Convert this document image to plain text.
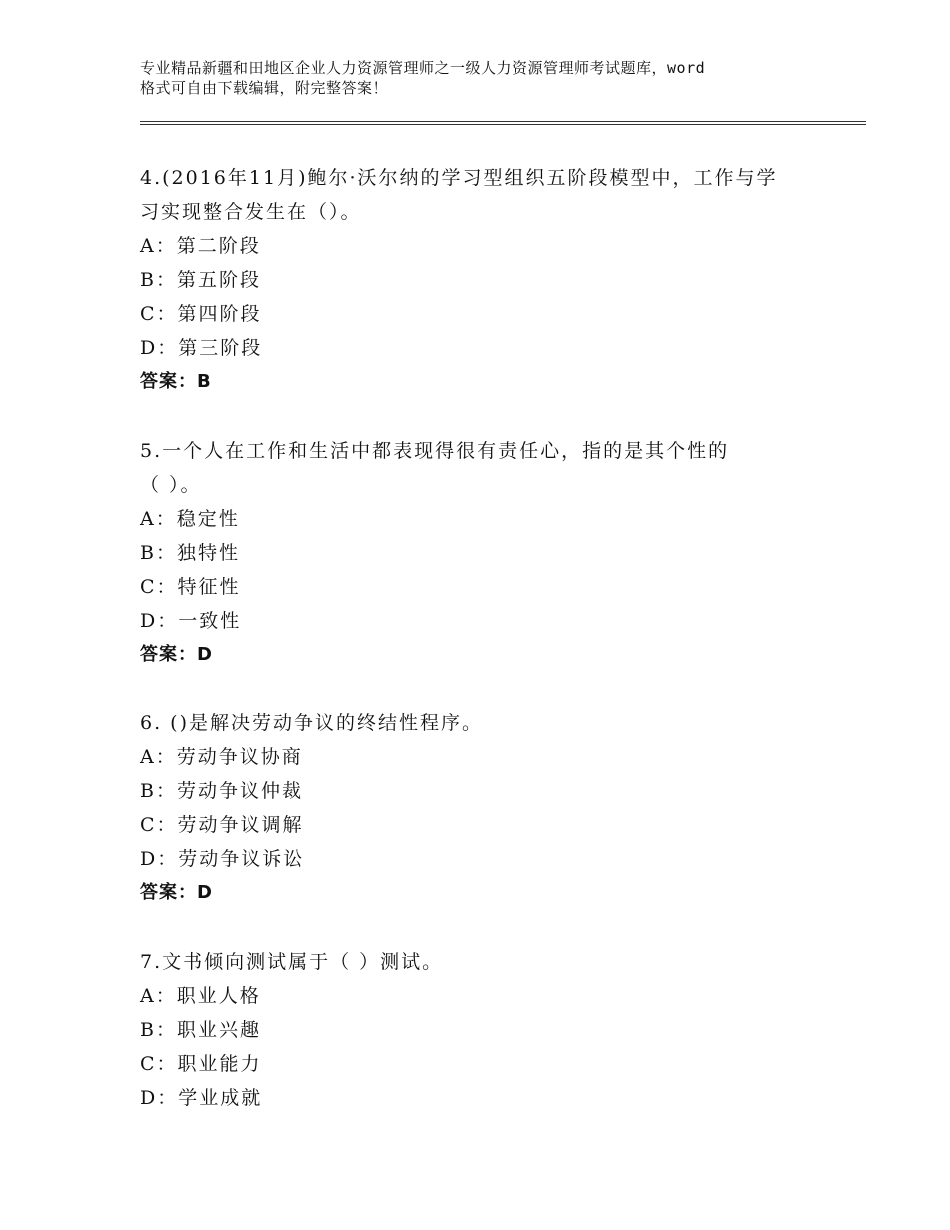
专业精品新疆和田地区企业人力资源管理师之一级人力资源管理师考试题库，word
格式可自由下载编辑，附完整答案！
4.(2016年11月)鲍尔·沃尔纳的学习型组织五阶段模型中，工作与学
习实现整合发生在（）。
A：第二阶段
B：第五阶段
C：第四阶段
D：第三阶段
答案：B
5.一个人在工作和生活中都表现得很有责任心，指的是其个性的
（ ）。
A：稳定性
B：独特性
C：特征性
D：一致性
答案：D
6. ()是解决劳动争议的终结性程序。
A：劳动争议协商
B：劳动争议仲裁
C：劳动争议调解
D：劳动争议诉讼
答案：D
7.文书倾向测试属于（ ）测试。
A：职业人格
B：职业兴趣
C：职业能力
D：学业成就
